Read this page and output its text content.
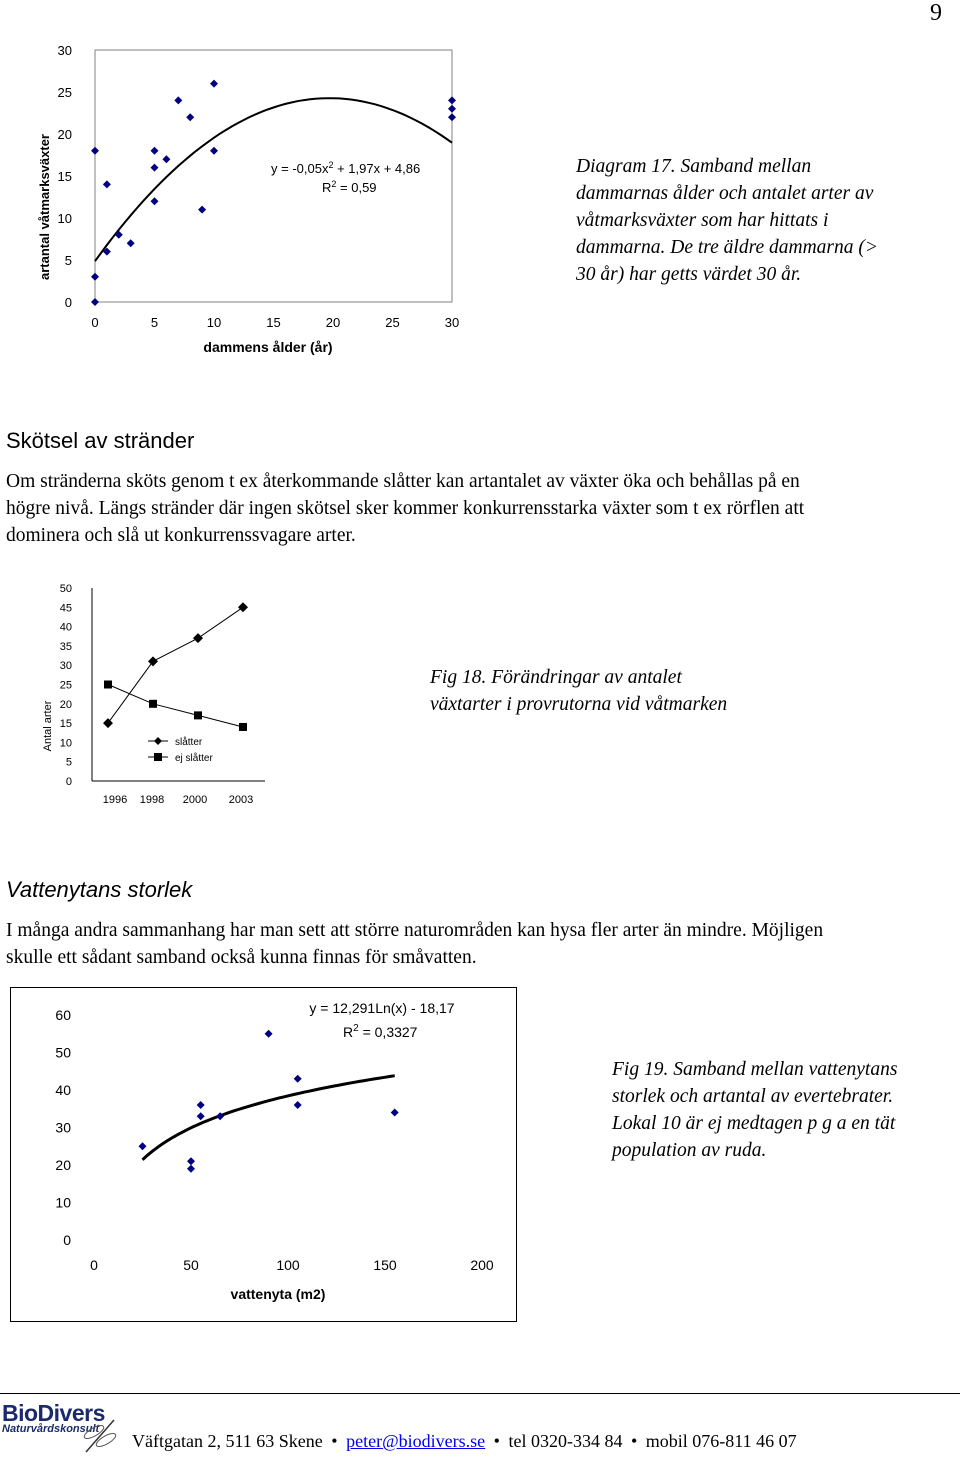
9
0
5
10
15
20
25
30
0	5	10	15	20	25	30
artantal våtmarksväxter
dammens ålder (år)
$y = -0,05x^2 + 1,97x + 4,86$
$R^2 = 0,59$
Diagram 17. Samband mellan
dammarnas ålder och antalet arter av
våtmarksväxter som har hittats i
dammarna. De tre äldre dammarna (>
30 år) har getts värdet 30 år.
Skötsel av stränder
Om stränderna sköts genom t ex återkommande slåtter kan artantalet av växter öka och behållas på en
högre nivå. Längs stränder där ingen skötsel sker kommer konkurrensstarka växter som t ex rörflen att
dominera och slå ut konkurrenssvagare arter.
0
5
10
15
20
25
30
35
40
45
50
1996 1998 2000 2003
slåtter
ej slåtter
Antal arter
Fig 18. Förändringar av antalet
växtarter i provrutorna vid våtmarken
Vattenytans storlek
I många andra sammanhang har man sett att större naturområden kan hysa fler arter än mindre. Möjligen
skulle ett sådant samband också kunna finnas för småvatten.
0
10
20
30
40
50
60
0	50	100	150	200
y = 12,291Ln(x) - 18,17
$R^2 = 0,3327$
vattenyta (m2)
Fig 19. Samband mellan vattenytans
storlek och artantal av evertebrater.
Lokal 10 är ej medtagen p g a en tät
population av ruda.
BioDivers
Naturvårdskonsult
Väftgatan 2, 511 63 Skene • peter@biodivers.se • tel 0320-334 84 • mobil 076-811 46 07
